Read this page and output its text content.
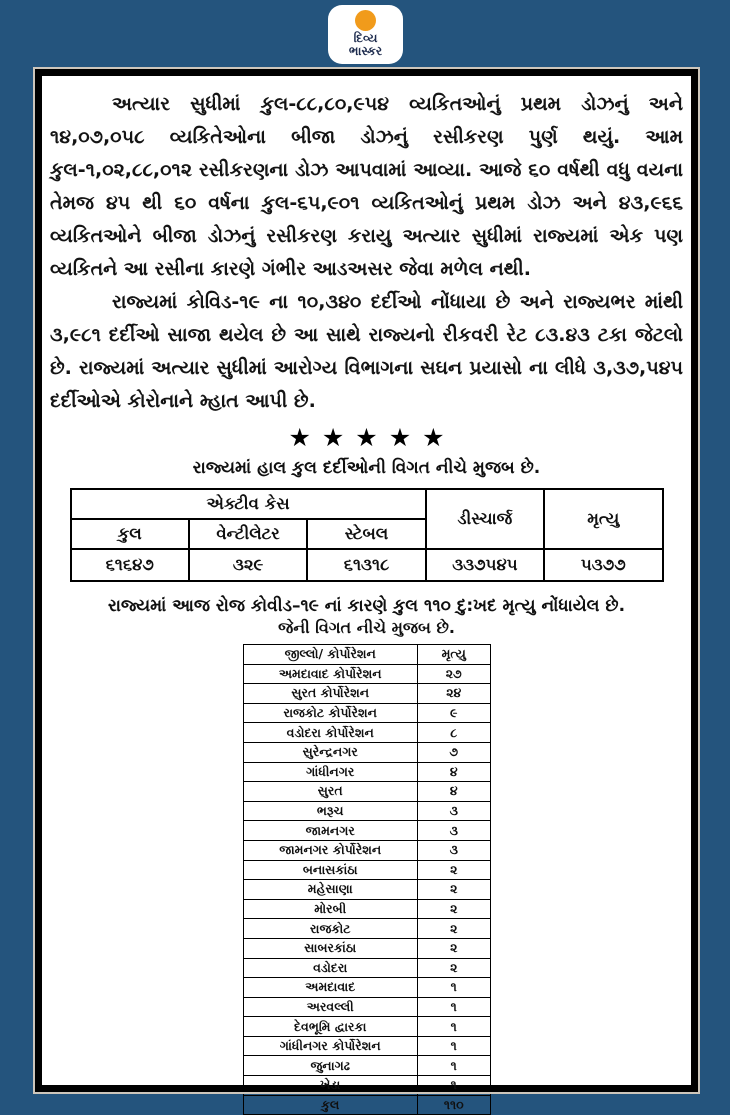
દિવ્ય
ભાસ્કર

અત્યાર સુધીમાં કુલ-૮૮,૮૦,૯૫૪ વ્યકિતઓનું પ્રથમ ડોઝનું અને ૧૪,૦૭,૦૫૮ વ્યકિતેઓના બીજા ડોઝનું રસીકરણ પુર્ણ થયું. આમ કુલ-૧,૦૨,૮૮,૦૧૨ રસીકરણના ડોઝ આપવામાં આવ્યા. આજે ૬૦ વર્ષથી વધુ વયના તેમજ ૪૫ થી ૬૦ વર્ષના કુલ-૬૫,૯૦૧ વ્યકિતઓનું પ્રથમ ડોઝ અને ૪૩,૯૬૬ વ્યકિતઓને બીજા ડોઝનું રસીકરણ કરાયુ અત્યાર સુધીમાં રાજ્યમાં એક પણ વ્યકિતને આ રસીના કારણે ગંભીર આડઅસર જેવા મળેલ નથી.

રાજ્યમાં કોવિડ-૧૯ ના ૧૦,૩૪૦ દર્દીઓ નોંધાયા છે અને રાજ્યભર માંથી ૩,૯૮૧ દર્દીઓ સાજા થયેલ છે આ સાથે રાજ્યનો રીકવરી રેટ ૮૩.૪૩ ટકા જેટલો છે. રાજ્યમાં અત્યાર સુધીમાં આરોગ્ય વિભાગના સઘન પ્રયાસો ના લીધે ૩,૩૭,૫૪૫ દર્દીઓએ કોરોનાને મ્હાત આપી છે.

★★★★★
રાજ્યમાં હાલ કુલ દર્દીઓની વિગત નીચે મુજબ છે.
એક્ટીવ કેસ			ડીસ્ચાર્જ	મૃત્યુ
કુલ	વેન્ટીલેટર	સ્ટેબલ		
૬૧૬૪૭	૩૨૯	૬૧૩૧૮	૩૩૭૫૪૫	૫૩૭૭
રાજ્યમાં આજ રોજ કોવીડ–૧૯ નાં કારણે કુલ ૧૧૦ દુ:ખદ મૃત્યુ નોંધાયેલ છે.
જેની વિગત નીચે મુજબ છે.
જીલ્લો/ કોર્પોરેશન	મૃત્યુ
અમદાવાદ કોર્પોરેશન	૨૭
સુરત કોર્પોરેશન	૨૪
રાજકોટ કોર્પોરેશન	૯
વડોદરા કોર્પોરેશન	૮
સુરેન્દ્રનગર	૭
ગાંધીનગર	૪
સુરત	૪
ભરૂચ	૩
જામનગર	૩
જામનગર કોર્પોરેશન	૩
બનાસકાંઠા	૨
મહેસાણા	૨
મોરબી	૨
રાજકોટ	૨
સાબરકાંઠા	૨
વડોદરા	૨
અમદાવાદ	૧
અરવલ્લી	૧
દેવભૂમિ દ્વારકા	૧
ગાંધીનગર કોર્પોરેશન	૧
જુનાગઢ	૧
ખેડા	૧
કુલ	૧૧૦
